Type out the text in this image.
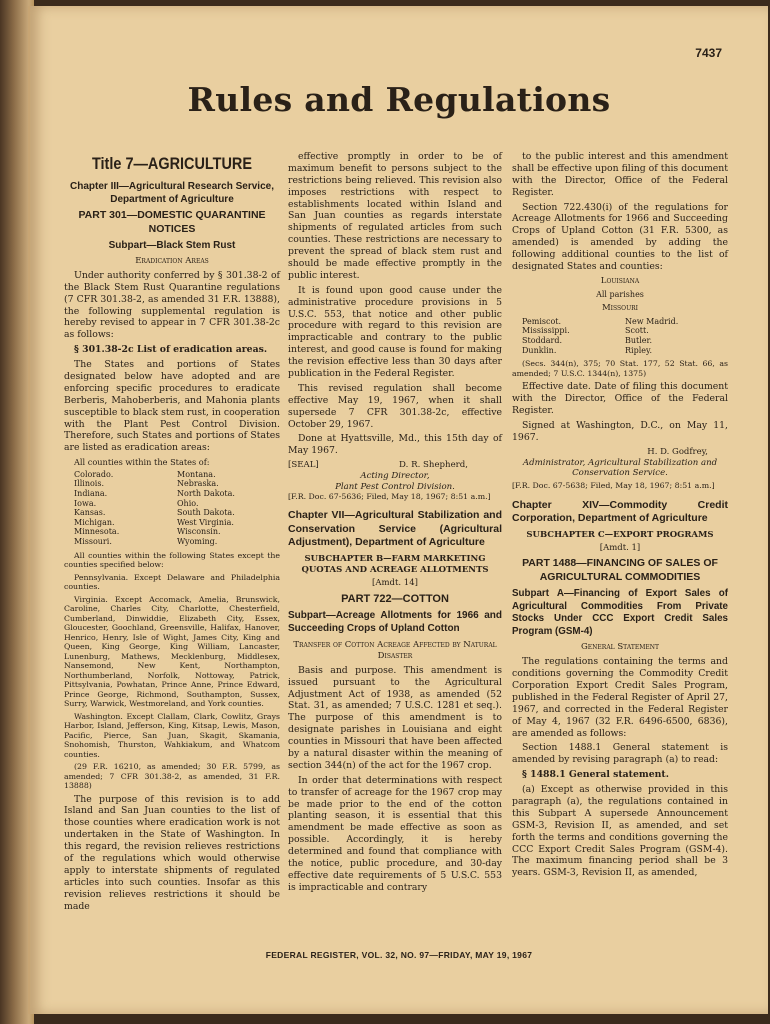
7437
Rules and Regulations
Title 7—AGRICULTURE
Chapter III—Agricultural Research Service, Department of Agriculture
PART 301—DOMESTIC QUARANTINE NOTICES
Subpart—Black Stem Rust
Eradication Areas

Under authority conferred by § 301.38-2 of the Black Stem Rust Quarantine regulations (7 CFR 301.38-2, as amended 31 F.R. 13888), the following supplemental regulation is hereby revised to appear in 7 CFR 301.38-2c as follows:

§ 301.38-2c List of eradication areas.

The States and portions of States designated below have adopted and are enforcing specific procedures to eradicate Berberis, Mahoberberis, and Mahonia plants susceptible to black stem rust, in cooperation with the Plant Pest Control Division. Therefore, such States and portions of States are listed as eradication areas:

All counties within the States of:
Colorado.
Illinois.
Indiana.
Iowa.
Kansas.
Michigan.
Minnesota.
Missouri.
Montana.
Nebraska.
North Dakota.
Ohio.
South Dakota.
West Virginia.
Wisconsin.
Wyoming.

All counties within the following States except the counties specified below:

Pennsylvania. Except Delaware and Philadelphia counties.

Virginia. Except Accomack, Amelia, Brunswick, Caroline, Charles City, Charlotte, Chesterfield, Cumberland, Dinwiddie, Elizabeth City, Essex, Gloucester, Goochland, Greensville, Halifax, Hanover, Henrico, Henry, Isle of Wight, James City, King and Queen, King George, King William, Lancaster, Lunenburg, Mathews, Mecklenburg, Middlesex, Nansemond, New Kent, Northampton, Northumberland, Norfolk, Nottoway, Patrick, Pittsylvania, Powhatan, Prince Anne, Prince Edward, Prince George, Richmond, Southampton, Sussex, Surry, Warwick, Westmoreland, and York counties.

Washington. Except Clallam, Clark, Cowlitz, Grays Harbor, Island, Jefferson, King, Kitsap, Lewis, Mason, Pacific, Pierce, San Juan, Skagit, Skamania, Snohomish, Thurston, Wahkiakum, and Whatcom counties.

(29 F.R. 16210, as amended; 30 F.R. 5799, as amended; 7 CFR 301.38-2, as amended, 31 F.R. 13888)

The purpose of this revision is to add Island and San Juan counties to the list of those counties where eradication work is not undertaken in the State of Washington. In this regard, the revision relieves restrictions of the regulations which would otherwise apply to interstate shipments of regulated articles into such counties. Insofar as this revision relieves restrictions it should be made

effective promptly in order to be of maximum benefit to persons subject to the restrictions being relieved. This revision also imposes restrictions with respect to establishments located within Island and San Juan counties as regards interstate shipments of regulated articles from such counties. These restrictions are necessary to prevent the spread of black stem rust and should be made effective promptly in the public interest.

It is found upon good cause under the administrative procedure provisions in 5 U.S.C. 553, that notice and other public procedure with regard to this revision are impracticable and contrary to the public interest, and good cause is found for making the revision effective less than 30 days after publication in the Federal Register.

This revised regulation shall become effective May 19, 1967, when it shall supersede 7 CFR 301.38-2c, effective October 29, 1967.

Done at Hyattsville, Md., this 15th day of May 1967.

[SEAL]	D. R. Shepherd,
Acting Director,
Plant Pest Control Division.

[F.R. Doc. 67-5636; Filed, May 18, 1967; 8:51 a.m.]

Chapter VII—Agricultural Stabilization and Conservation Service (Agricultural Adjustment), Department of Agriculture
SUBCHAPTER B—FARM MARKETING QUOTAS AND ACREAGE ALLOTMENTS
[Amdt. 14]
PART 722—COTTON
Subpart—Acreage Allotments for 1966 and Succeeding Crops of Upland Cotton
Transfer of Cotton Acreage Affected by Natural Disaster

Basis and purpose. This amendment is issued pursuant to the Agricultural Adjustment Act of 1938, as amended (52 Stat. 31, as amended; 7 U.S.C. 1281 et seq.). The purpose of this amendment is to designate parishes in Louisiana and eight counties in Missouri that have been affected by a natural disaster within the meaning of section 344(n) of the act for the 1967 crop.

In order that determinations with respect to transfer of acreage for the 1967 crop may be made prior to the end of the cotton planting season, it is essential that this amendment be made effective as soon as possible. Accordingly, it is hereby determined and found that compliance with the notice, public procedure, and 30-day effective date requirements of 5 U.S.C. 553 is impracticable and contrary

to the public interest and this amendment shall be effective upon filing of this document with the Director, Office of the Federal Register.

Section 722.430(i) of the regulations for Acreage Allotments for 1966 and Succeeding Crops of Upland Cotton (31 F.R. 5300, as amended) is amended by adding the following additional counties to the list of designated States and counties:

Louisiana
All parishes
Missouri
Pemiscot.
Mississippi.
Stoddard.
Dunklin.
New Madrid.
Scott.
Butler.
Ripley.

(Secs. 344(n), 375; 70 Stat. 177, 52 Stat. 66, as amended; 7 U.S.C. 1344(n), 1375)

Effective date. Date of filing this document with the Director, Office of the Federal Register.

Signed at Washington, D.C., on May 11, 1967.

H. D. Godfrey,
Administrator, Agricultural Stabilization and Conservation Service.

[F.R. Doc. 67-5638; Filed, May 18, 1967; 8:51 a.m.]

Chapter XIV—Commodity Credit Corporation, Department of Agriculture
SUBCHAPTER C—EXPORT PROGRAMS
[Amdt. 1]
PART 1488—FINANCING OF SALES OF AGRICULTURAL COMMODITIES
Subpart A—Financing of Export Sales of Agricultural Commodities From Private Stocks Under CCC Export Credit Sales Program (GSM-4)
General Statement

The regulations containing the terms and conditions governing the Commodity Credit Corporation Export Credit Sales Program, published in the Federal Register of April 27, 1967, and corrected in the Federal Register of May 4, 1967 (32 F.R. 6496-6500, 6836), are amended as follows:

Section 1488.1 General statement is amended by revising paragraph (a) to read:

§ 1488.1 General statement.

(a) Except as otherwise provided in this paragraph (a), the regulations contained in this Subpart A supersede Announcement GSM-3, Revision II, as amended, and set forth the terms and conditions governing the CCC Export Credit Sales Program (GSM-4). The maximum financing period shall be 3 years. GSM-3, Revision II, as amended,

FEDERAL REGISTER, VOL. 32, NO. 97—FRIDAY, MAY 19, 1967
